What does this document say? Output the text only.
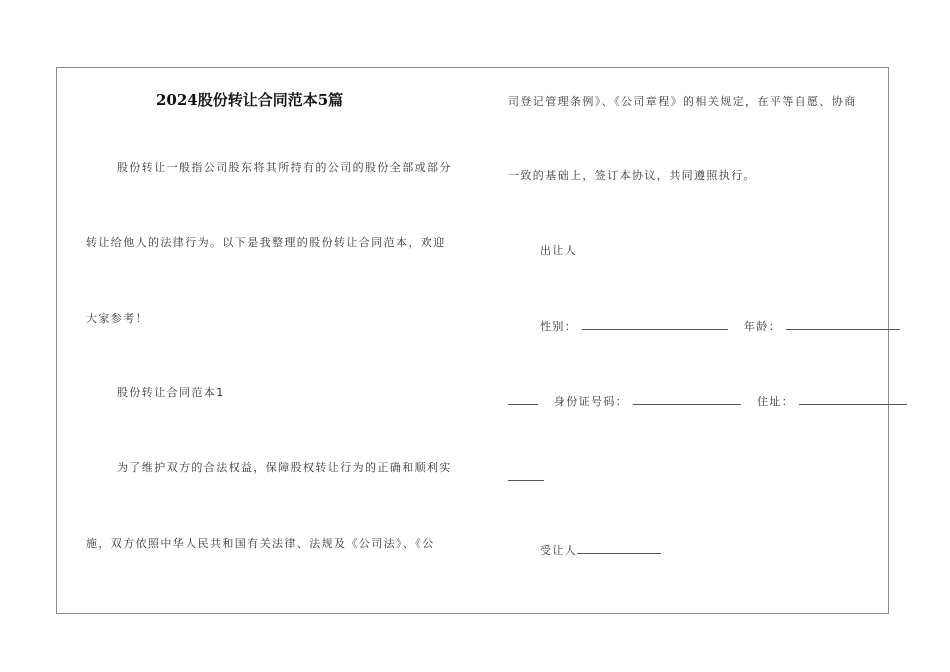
2024股份转让合同范本5篇
股份转让一般指公司股东将其所持有的公司的股份全部或部分
转让给他人的法律行为。以下是我整理的股份转让合同范本，欢迎
大家参考！
股份转让合同范本1
为了维护双方的合法权益，保障股权转让行为的正确和顺利实
施，双方依照中华人民共和国有关法律、法规及《公司法》、《公
司登记管理条例》、《公司章程》的相关规定，在平等自愿、协商
一致的基础上，签订本协议，共同遵照执行。
出让人
性别：	年龄：
身份证号码：	住址：
受让人
